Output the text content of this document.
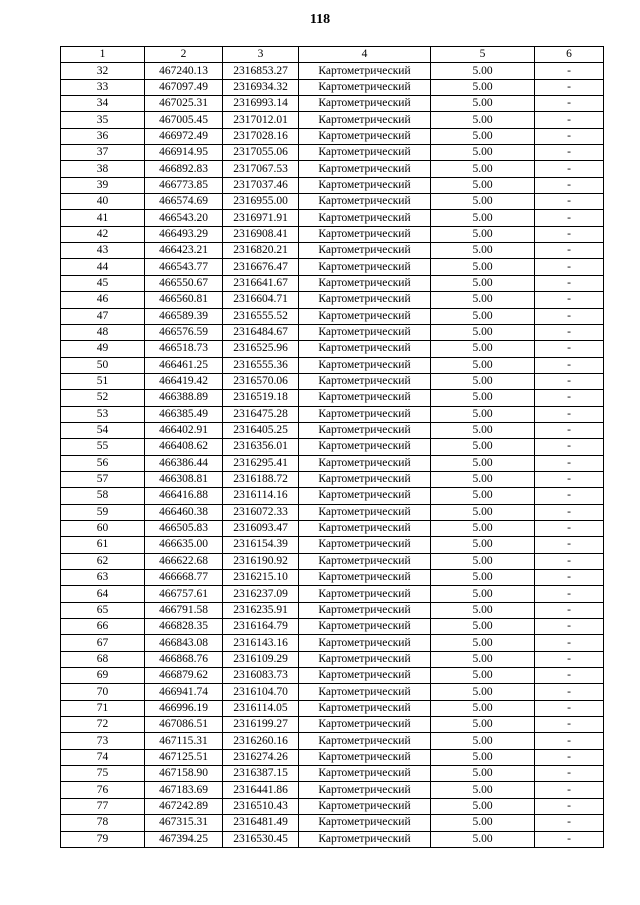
118
1	2	3	4	5	6
32	467240.13	2316853.27	Картометрический	5.00	-
33	467097.49	2316934.32	Картометрический	5.00	-
34	467025.31	2316993.14	Картометрический	5.00	-
35	467005.45	2317012.01	Картометрический	5.00	-
36	466972.49	2317028.16	Картометрический	5.00	-
37	466914.95	2317055.06	Картометрический	5.00	-
38	466892.83	2317067.53	Картометрический	5.00	-
39	466773.85	2317037.46	Картометрический	5.00	-
40	466574.69	2316955.00	Картометрический	5.00	-
41	466543.20	2316971.91	Картометрический	5.00	-
42	466493.29	2316908.41	Картометрический	5.00	-
43	466423.21	2316820.21	Картометрический	5.00	-
44	466543.77	2316676.47	Картометрический	5.00	-
45	466550.67	2316641.67	Картометрический	5.00	-
46	466560.81	2316604.71	Картометрический	5.00	-
47	466589.39	2316555.52	Картометрический	5.00	-
48	466576.59	2316484.67	Картометрический	5.00	-
49	466518.73	2316525.96	Картометрический	5.00	-
50	466461.25	2316555.36	Картометрический	5.00	-
51	466419.42	2316570.06	Картометрический	5.00	-
52	466388.89	2316519.18	Картометрический	5.00	-
53	466385.49	2316475.28	Картометрический	5.00	-
54	466402.91	2316405.25	Картометрический	5.00	-
55	466408.62	2316356.01	Картометрический	5.00	-
56	466386.44	2316295.41	Картометрический	5.00	-
57	466308.81	2316188.72	Картометрический	5.00	-
58	466416.88	2316114.16	Картометрический	5.00	-
59	466460.38	2316072.33	Картометрический	5.00	-
60	466505.83	2316093.47	Картометрический	5.00	-
61	466635.00	2316154.39	Картометрический	5.00	-
62	466622.68	2316190.92	Картометрический	5.00	-
63	466668.77	2316215.10	Картометрический	5.00	-
64	466757.61	2316237.09	Картометрический	5.00	-
65	466791.58	2316235.91	Картометрический	5.00	-
66	466828.35	2316164.79	Картометрический	5.00	-
67	466843.08	2316143.16	Картометрический	5.00	-
68	466868.76	2316109.29	Картометрический	5.00	-
69	466879.62	2316083.73	Картометрический	5.00	-
70	466941.74	2316104.70	Картометрический	5.00	-
71	466996.19	2316114.05	Картометрический	5.00	-
72	467086.51	2316199.27	Картометрический	5.00	-
73	467115.31	2316260.16	Картометрический	5.00	-
74	467125.51	2316274.26	Картометрический	5.00	-
75	467158.90	2316387.15	Картометрический	5.00	-
76	467183.69	2316441.86	Картометрический	5.00	-
77	467242.89	2316510.43	Картометрический	5.00	-
78	467315.31	2316481.49	Картометрический	5.00	-
79	467394.25	2316530.45	Картометрический	5.00	-
